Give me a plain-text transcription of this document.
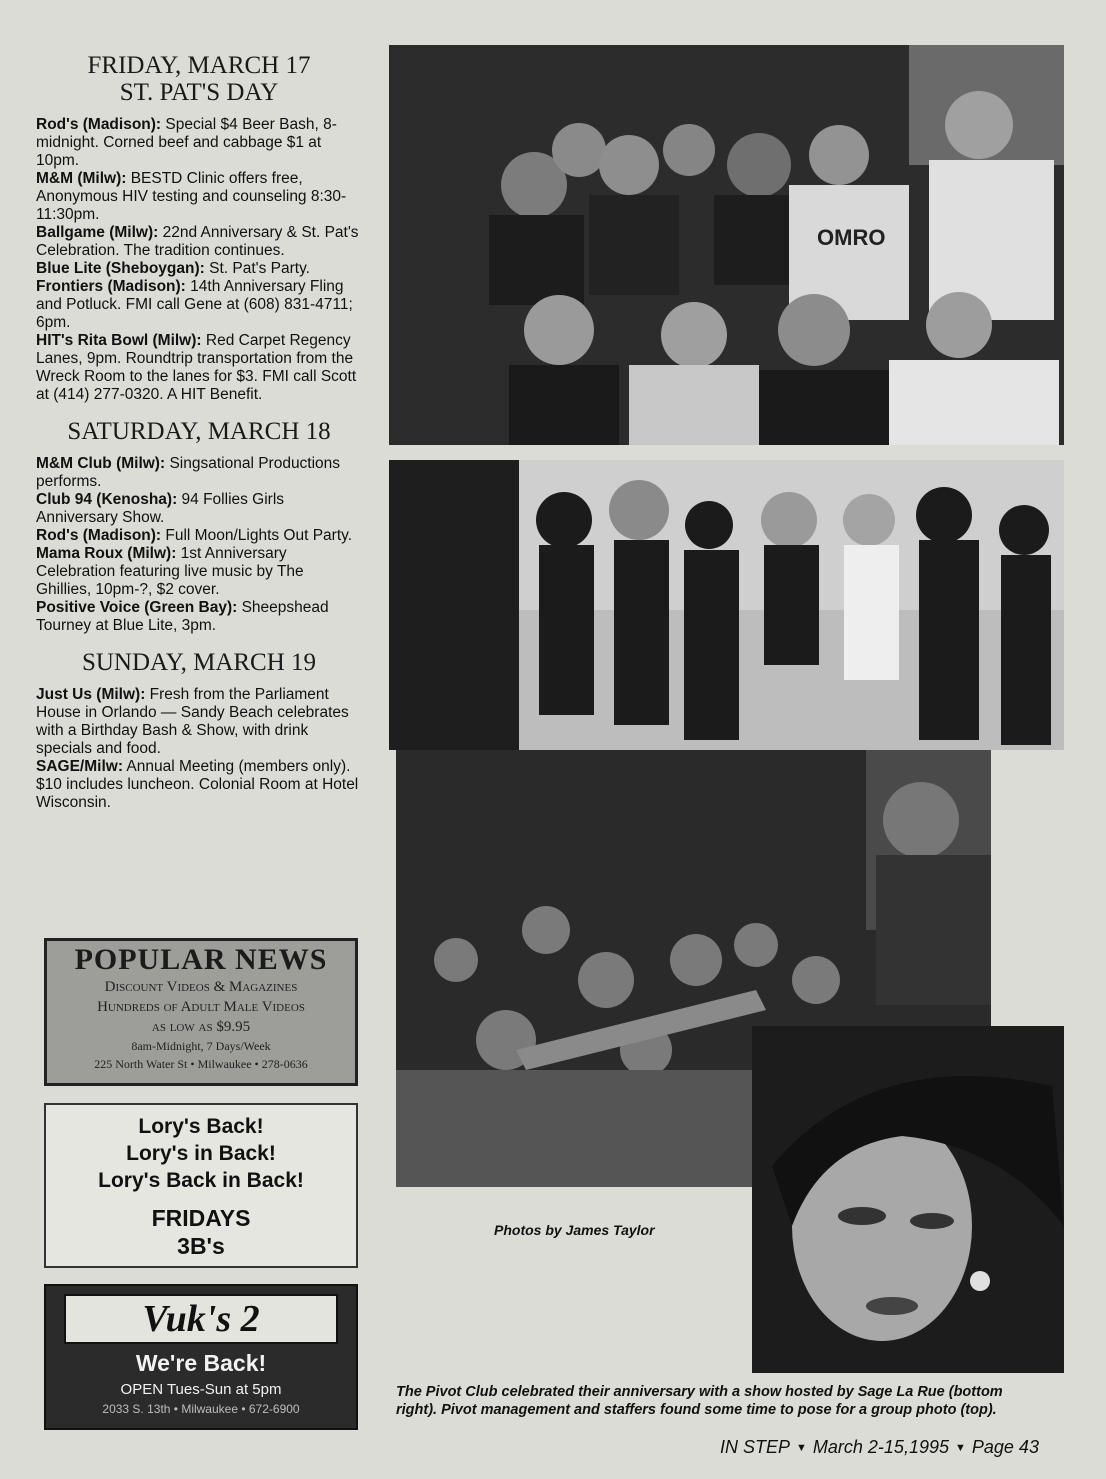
FRIDAY, MARCH 17
ST. PAT'S DAY

Rod's (Madison): Special $4 Beer Bash, 8-midnight. Corned beef and cabbage $1 at 10pm.

M&M (Milw): BESTD Clinic offers free, Anonymous HIV testing and counseling 8:30-11:30pm.

Ballgame (Milw): 22nd Anniversary & St. Pat's Celebration. The tradition continues.

Blue Lite (Sheboygan): St. Pat's Party.

Frontiers (Madison): 14th Anniversary Fling and Potluck. FMI call Gene at (608) 831-4711; 6pm.

HIT's Rita Bowl (Milw): Red Carpet Regency Lanes, 9pm. Roundtrip transportation from the Wreck Room to the lanes for $3. FMI call Scott at (414) 277-0320. A HIT Benefit.

SATURDAY, MARCH 18

M&M Club (Milw): Singsational Productions performs.

Club 94 (Kenosha): 94 Follies Girls Anniversary Show.

Rod's (Madison): Full Moon/Lights Out Party.

Mama Roux (Milw): 1st Anniversary Celebration featuring live music by The Ghillies, 10pm-?, $2 cover.

Positive Voice (Green Bay): Sheepshead Tourney at Blue Lite, 3pm.

SUNDAY, MARCH 19

Just Us (Milw): Fresh from the Parliament House in Orlando — Sandy Beach celebrates with a Birthday Bash & Show, with drink specials and food.

SAGE/Milw: Annual Meeting (members only). $10 includes luncheon. Colonial Room at Hotel Wisconsin.

POPULAR NEWS
Discount Videos & Magazines
Hundreds of Adult Male Videos
as low as $9.95
8am-Midnight, 7 Days/Week
225 North Water St • Milwaukee • 278-0636
Lory's Back!
Lory's in Back!
Lory's Back in Back!
FRIDAYS
3B's
Vuk's 2
We're Back!
OPEN Tues-Sun at 5pm
2033 S. 13th • Milwaukee • 672-6900
OMRO
Photos by James Taylor
The Pivot Club celebrated their anniversary with a show hosted by Sage La Rue (bottom right). Pivot management and staffers found some time to pose for a group photo (top).
IN STEP ▼ March 2-15,1995 ▼ Page 43
